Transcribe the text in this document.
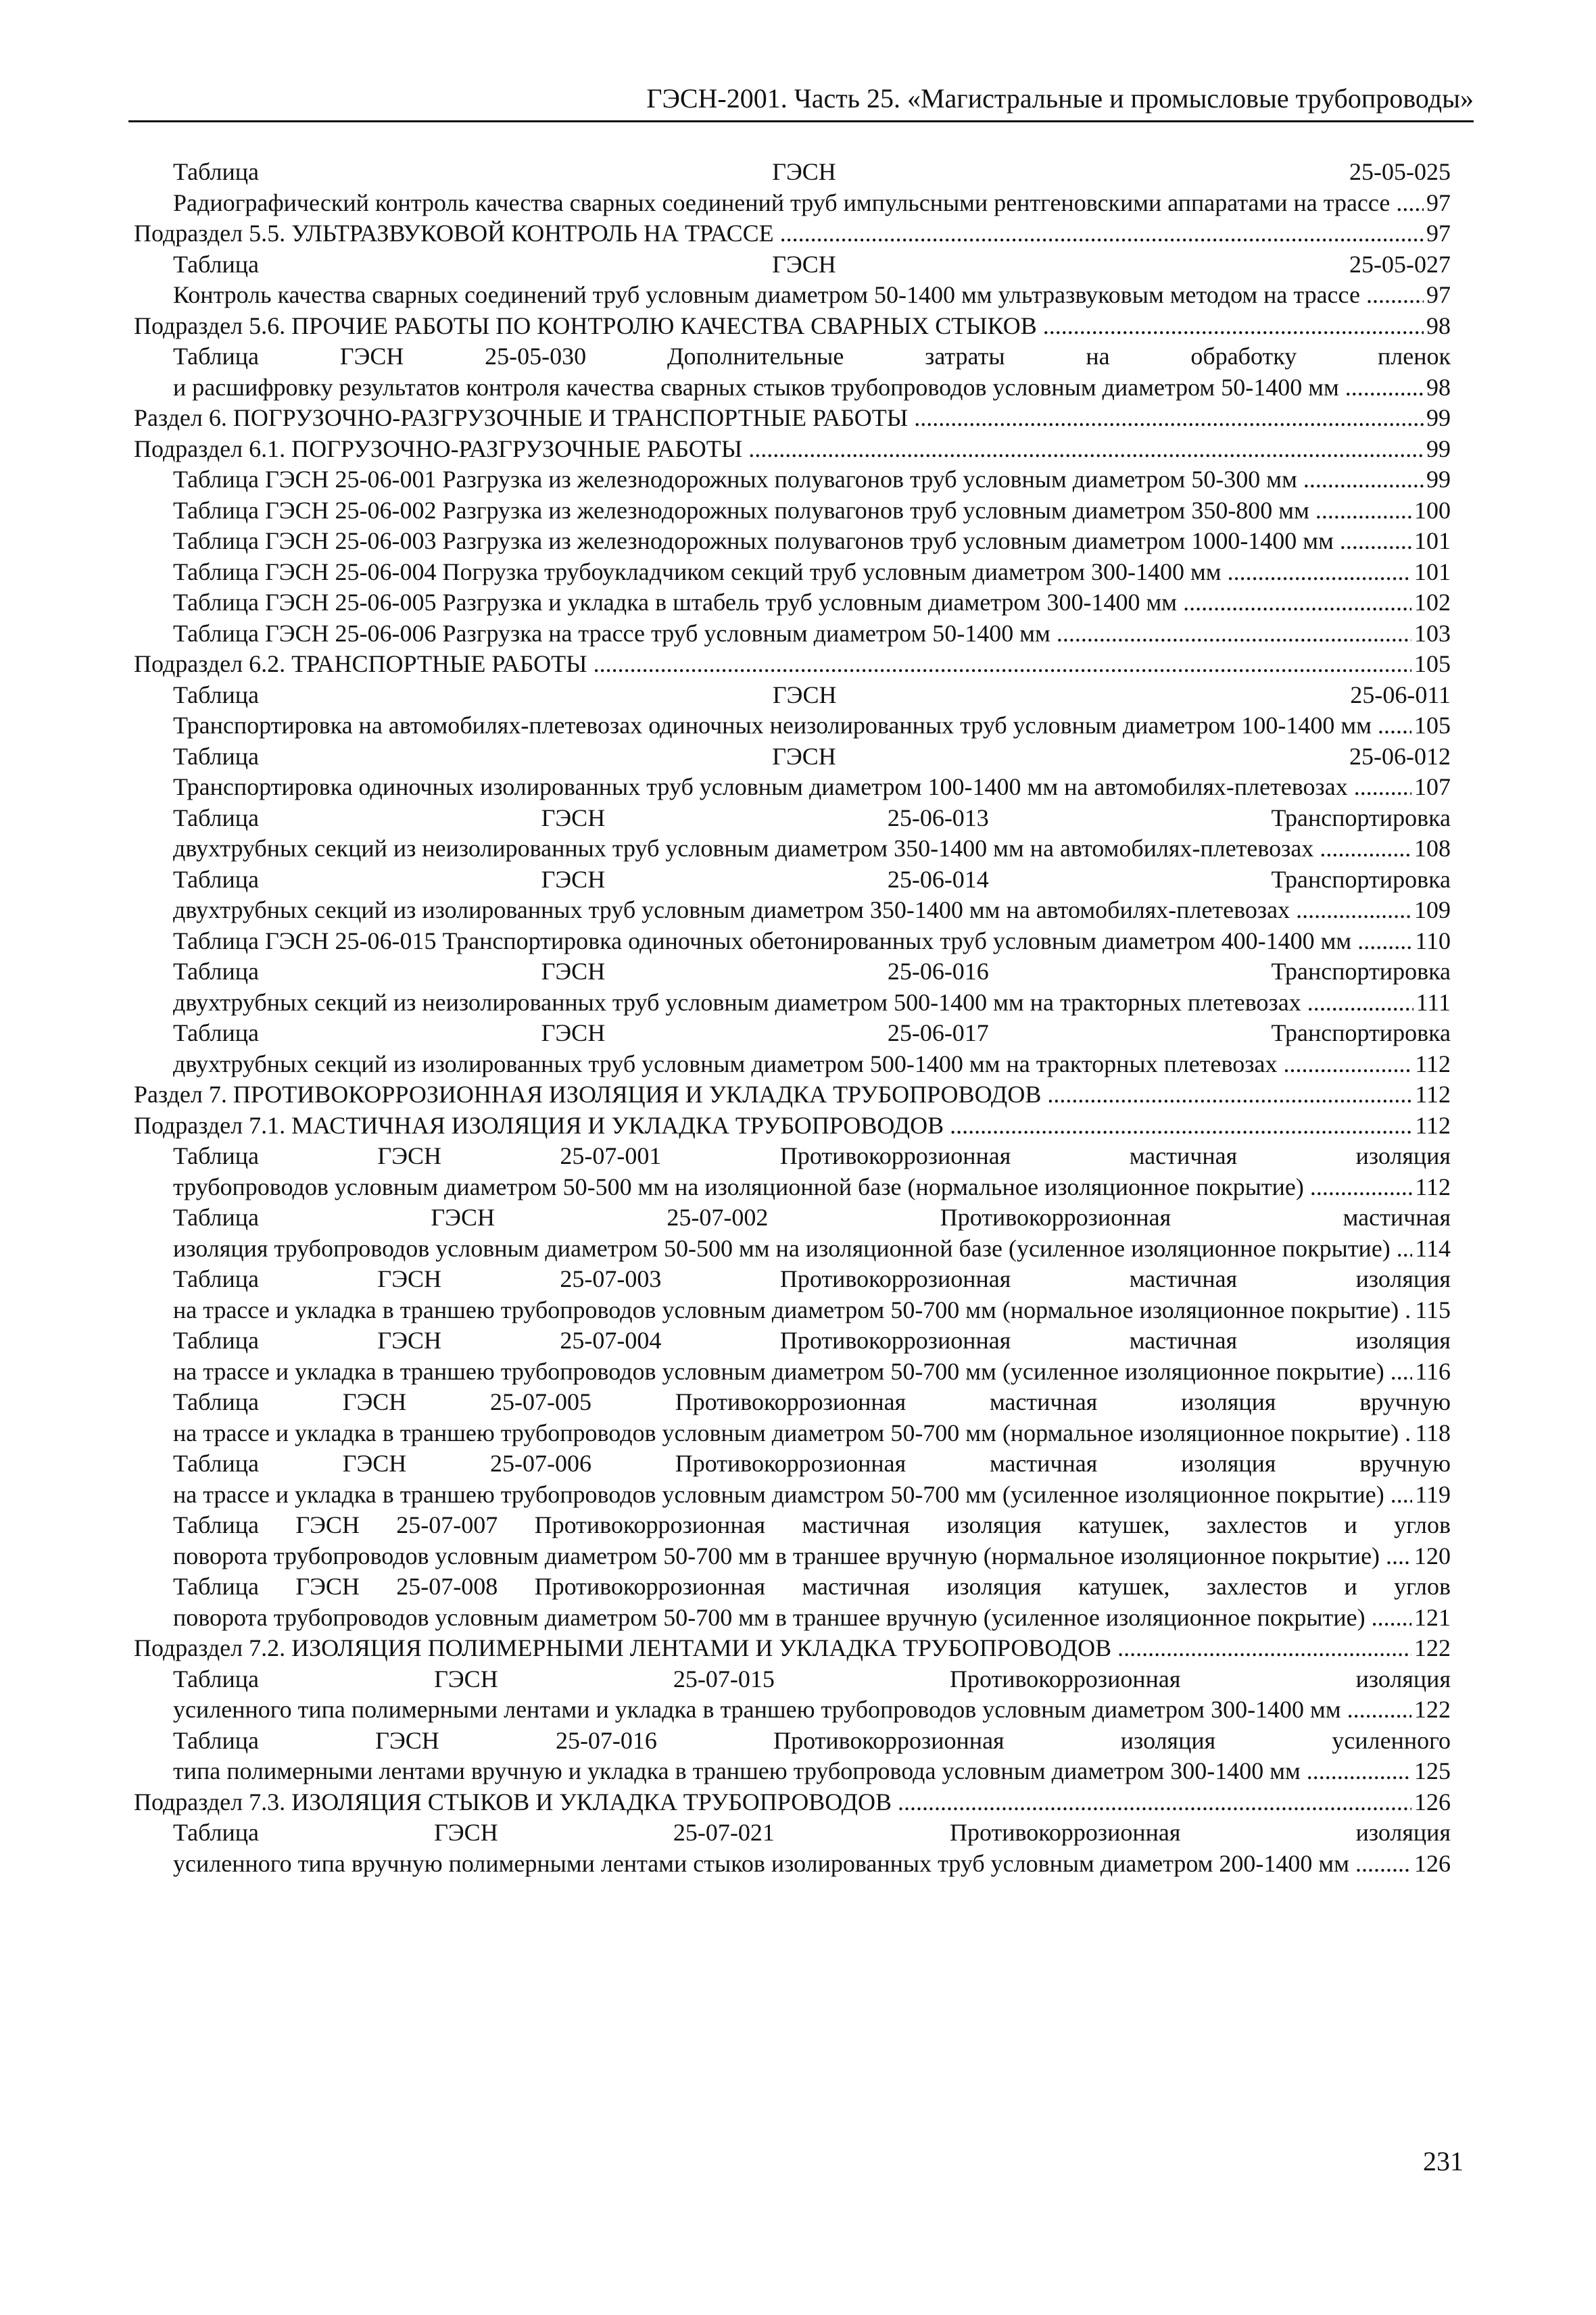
ГЭСН-2001. Часть 25. «Магистральные и промысловые трубопроводы»
Таблица ГЭСН 25-05-025
97
Радиографический контроль качества сварных соединений труб импульсными рентгеновскими аппаратами на трассе .....
97
Подраздел 5.5. УЛЬТРАЗВУКОВОЙ КОНТРОЛЬ НА ТРАССЕ .....
Таблица ГЭСН 25-05-027
97
Контроль качества сварных соединений труб условным диаметром 50-1400 мм ультразвуковым методом на трассе .....
98
Подраздел 5.6. ПРОЧИЕ РАБОТЫ ПО КОНТРОЛЮ КАЧЕСТВА СВАРНЫХ СТЫКОВ .....
Таблица ГЭСН 25-05-030 Дополнительные затраты на обработку пленок
98
и расшифровку результатов контроля качества сварных стыков трубопроводов условным диаметром 50-1400 мм .....
99
Раздел 6. ПОГРУЗОЧНО-РАЗГРУЗОЧНЫЕ И ТРАНСПОРТНЫЕ РАБОТЫ .....
99
Подраздел 6.1. ПОГРУЗОЧНО-РАЗГРУЗОЧНЫЕ РАБОТЫ .....
99
Таблица ГЭСН 25-06-001 Разгрузка из железнодорожных полувагонов труб условным диаметром 50-300 мм .....
100
Таблица ГЭСН 25-06-002 Разгрузка из железнодорожных полувагонов труб условным диаметром 350-800 мм .....
101
Таблица ГЭСН 25-06-003 Разгрузка из железнодорожных полувагонов труб условным диаметром 1000-1400 мм .....
101
Таблица ГЭСН 25-06-004 Погрузка трубоукладчиком секций труб условным диаметром 300-1400 мм .....
102
Таблица ГЭСН 25-06-005 Разгрузка и укладка в штабель труб условным диаметром 300-1400 мм .....
103
Таблица ГЭСН 25-06-006 Разгрузка на трассе труб условным диаметром 50-1400 мм .....
105
Подраздел 6.2. ТРАНСПОРТНЫЕ РАБОТЫ .....
Таблица ГЭСН 25-06-011
105
Транспортировка на автомобилях-плетевозах одиночных неизолированных труб условным диаметром 100-1400 мм .....
Таблица ГЭСН 25-06-012
107
Транспортировка одиночных изолированных труб условным диаметром 100-1400 мм на автомобилях-плетевозах .....
Таблица ГЭСН 25-06-013 Транспортировка
108
двухтрубных секций из неизолированных труб условным диаметром 350-1400 мм на автомобилях-плетевозах .....
Таблица ГЭСН 25-06-014 Транспортировка
109
двухтрубных секций из изолированных труб условным диаметром 350-1400 мм на автомобилях-плетевозах .....
110
Таблица ГЭСН 25-06-015 Транспортировка одиночных обетонированных труб условным диаметром 400-1400 мм .....
Таблица ГЭСН 25-06-016 Транспортировка
111
двухтрубных секций из неизолированных труб условным диаметром 500-1400 мм на тракторных плетевозах .....
Таблица ГЭСН 25-06-017 Транспортировка
112
двухтрубных секций из изолированных труб условным диаметром 500-1400 мм на тракторных плетевозах .....
112
Раздел 7. ПРОТИВОКОРРОЗИОННАЯ ИЗОЛЯЦИЯ И УКЛАДКА ТРУБОПРОВОДОВ .....
112
Подраздел 7.1. МАСТИЧНАЯ ИЗОЛЯЦИЯ И УКЛАДКА ТРУБОПРОВОДОВ .....
Таблица ГЭСН 25-07-001 Противокоррозионная мастичная изоляция
112
трубопроводов условным диаметром 50-500 мм на изоляционной базе (нормальное изоляционное покрытие) .....
Таблица ГЭСН 25-07-002 Противокоррозионная мастичная
114
изоляция трубопроводов условным диаметром 50-500 мм на изоляционной базе (усиленное изоляционное покрытие) .....
Таблица ГЭСН 25-07-003 Противокоррозионная мастичная изоляция
115
на трассе и укладка в траншею трубопроводов условным диаметром 50-700 мм (нормальное изоляционное покрытие) .....
Таблица ГЭСН 25-07-004 Противокоррозионная мастичная изоляция
116
на трассе и укладка в траншею трубопроводов условным диаметром 50-700 мм (усиленное изоляционное покрытие) .....
Таблица ГЭСН 25-07-005 Противокоррозионная мастичная изоляция вручную
118
на трассе и укладка в траншею трубопроводов условным диаметром 50-700 мм (нормальное изоляционное покрытие) .....
Таблица ГЭСН 25-07-006 Противокоррозионная мастичная изоляция вручную
119
на трассе и укладка в траншею трубопроводов условным диамстром 50-700 мм (усиленное изоляционное покрытие) .....
Таблица ГЭСН 25-07-007 Противокоррозионная мастичная изоляция катушек, захлестов и углов
120
поворота трубопроводов условным диаметром 50-700 мм в траншее вручную (нормальное изоляционное покрытие) .....
Таблица ГЭСН 25-07-008 Противокоррозионная мастичная изоляция катушек, захлестов и углов
121
поворота трубопроводов условным диаметром 50-700 мм в траншее вручную (усиленное изоляционное покрытие) .....
122
Подраздел 7.2. ИЗОЛЯЦИЯ ПОЛИМЕРНЫМИ ЛЕНТАМИ И УКЛАДКА ТРУБОПРОВОДОВ .....
Таблица ГЭСН 25-07-015 Противокоррозионная изоляция
122
усиленного типа полимерными лентами и укладка в траншею трубопроводов условным диаметром 300-1400 мм .....
Таблица ГЭСН 25-07-016 Противокоррозионная изоляция усиленного
125
типа полимерными лентами вручную и укладка в траншею трубопровода условным диаметром 300-1400 мм .....
126
Подраздел 7.3. ИЗОЛЯЦИЯ СТЫКОВ И УКЛАДКА ТРУБОПРОВОДОВ .....
Таблица ГЭСН 25-07-021 Противокоррозионная изоляция
126
усиленного типа вручную полимерными лентами стыков изолированных труб условным диаметром 200-1400 мм .....
231
